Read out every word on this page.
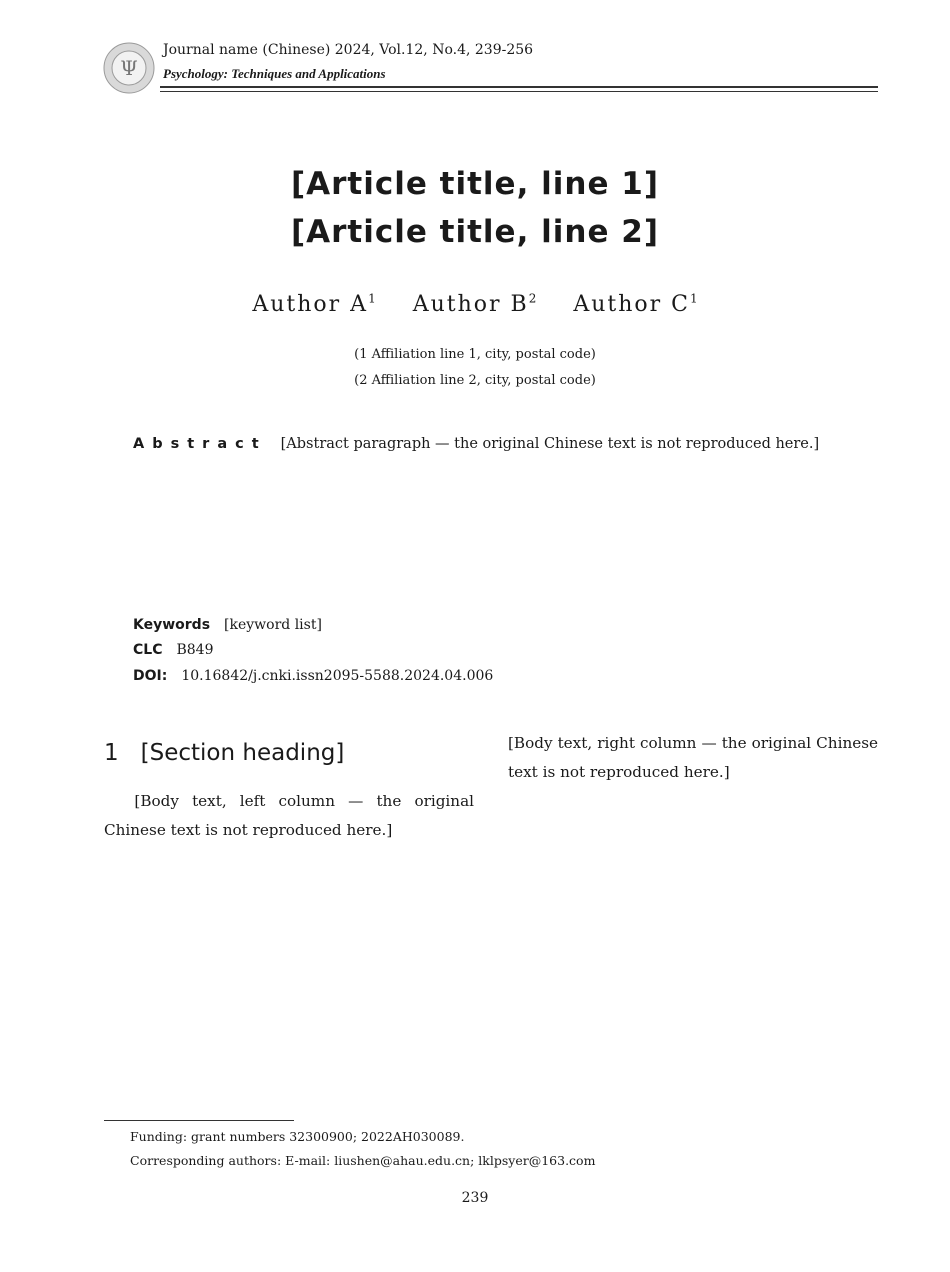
Ψ
Journal name (Chinese) 2024, Vol.12, No.4, 239-256
Psychology: Techniques and Applications
[Article title, line 1]
[Article title, line 2]
Author $A^1$ Author $B^2$ Author $C^1$
(1 Affiliation line 1, city, postal code)
(2 Affiliation line 2, city, postal code)
Abstract [Abstract paragraph — the original Chinese text is not reproduced here.]
Keywords [keyword list]
CLC B849
DOI: 10.16842/j.cnki.issn2095-5588.2024.04.006
1 [Section heading]

[Body text, left column — the original Chinese text is not reproduced here.]

[Body text, right column — the original Chinese text is not reproduced here.]

Funding: grant numbers 32300900; 2022AH030089.
Corresponding authors: E-mail: liushen@ahau.edu.cn; lklpsyer@163.com
239
